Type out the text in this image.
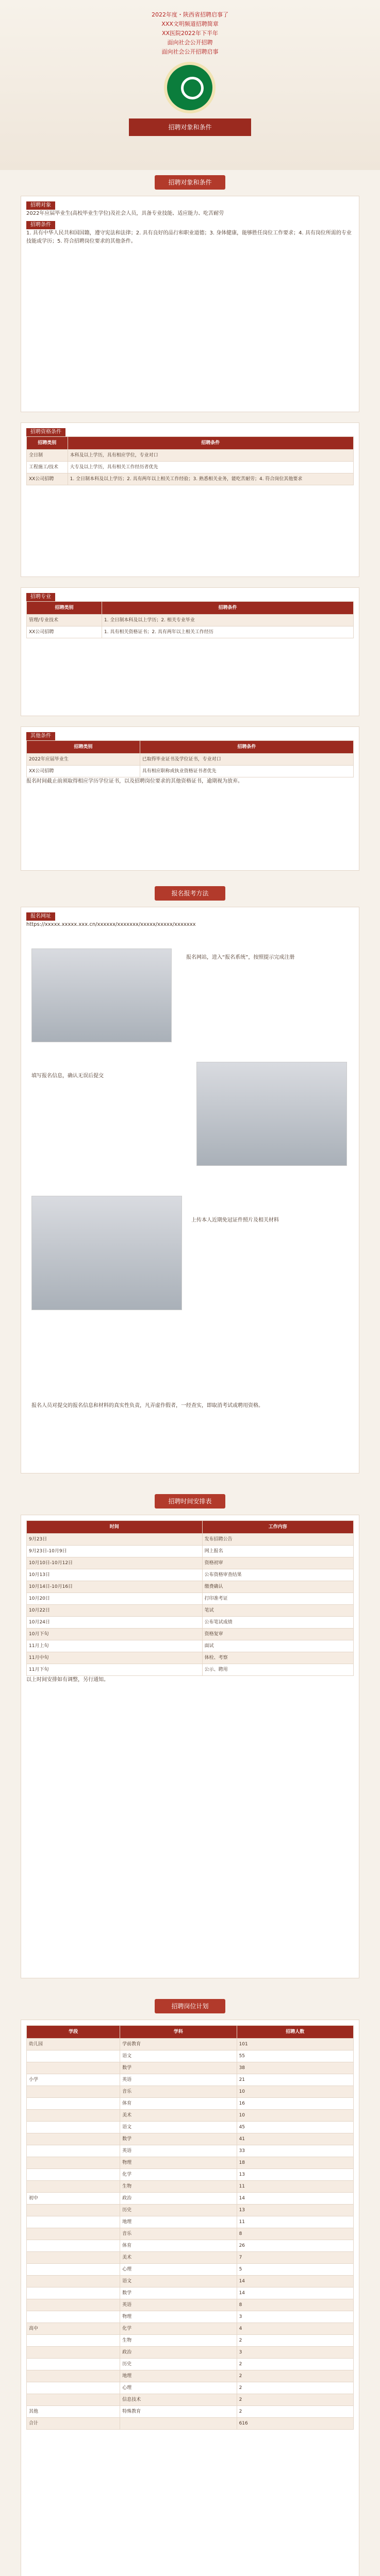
2022年度・陕西省招聘启事了
XXX文明频道招聘简章
XX医院2022年下半年
面向社会公开招聘
面向社会公开招聘启事
招聘对象和条件
招聘对象和条件
招聘对象

2022年应届毕业生(高校毕业生学位)及社会人员，具备专业技能、适应能力、吃苦耐劳

招聘条件

1. 具有中华人民共和国国籍，遵守宪法和法律；2. 具有良好的品行和职业道德；3. 身体健康，能够胜任岗位工作要求；4. 具有岗位所需的专业技能或学历；5. 符合招聘岗位要求的其他条件。

招聘资格条件
招聘类别	招聘条件
全日制	本科及以上学历，具有相应学位，专业对口
工程施工/技术	大专及以上学历，具有相关工作经历者优先
XX公司招聘	1. 全日制本科及以上学历；2. 具有两年以上相关工作经验；3. 熟悉相关业务，能吃苦耐劳；4. 符合岗位其他要求
招聘专业
招聘类别	招聘条件
管理/专业技术	1. 全日制本科及以上学历；2. 相关专业毕业
XX公司招聘	1. 具有相关资格证书；2. 具有两年以上相关工作经历
其他条件
招聘类别	招聘条件
2022年应届毕业生	已取得毕业证书及学位证书，专业对口
XX公司招聘	具有相应职称或执业资格证书者优先

报名时间截止前须取得相应学历学位证书，以及招聘岗位要求的其他资格证书，逾期视为放弃。

报名报考方法
报名网址

https://xxxxx.xxxxx.xxx.cn/xxxxxx/xxxxxxx/xxxxx/xxxxx/xxxxxxx

报名网站，进入“报名系统”，按照提示完成注册

填写报名信息，确认无误后提交

上传本人近期免冠证件照片及相关材料

报名人员对提交的报名信息和材料的真实性负责，凡弄虚作假者，一经查实，即取消考试或聘用资格。

招聘时间安排表
时间	工作内容
9月23日	发布招聘公告
9月23日-10月9日	网上报名
10月10日-10月12日	资格初审
10月13日	公布资格审查结果
10月14日-10月16日	缴费确认
10月20日	打印准考证
10月22日	笔试
10月24日	公布笔试成绩
10月下旬	资格复审
11月上旬	面试
11月中旬	体检、考察
11月下旬	公示、聘用

以上时间安排如有调整，另行通知。

招聘岗位计划
学段	学科	招聘人数
幼儿园	学前教育	101
	语文	55
	数学	38
小学	英语	21
	音乐	10
	体育	16
	美术	10
	语文	45
	数学	41
	英语	33
	物理	18
	化学	13
	生物	11
初中	政治	14
	历史	13
	地理	11
	音乐	8
	体育	26
	美术	7
	心理	5
	语文	14
	数学	14
	英语	8
	物理	3
高中	化学	4
	生物	2
	政治	3
	历史	2
	地理	2
	心理	2
	信息技术	2
其他	特殊教育	2
合计		616
